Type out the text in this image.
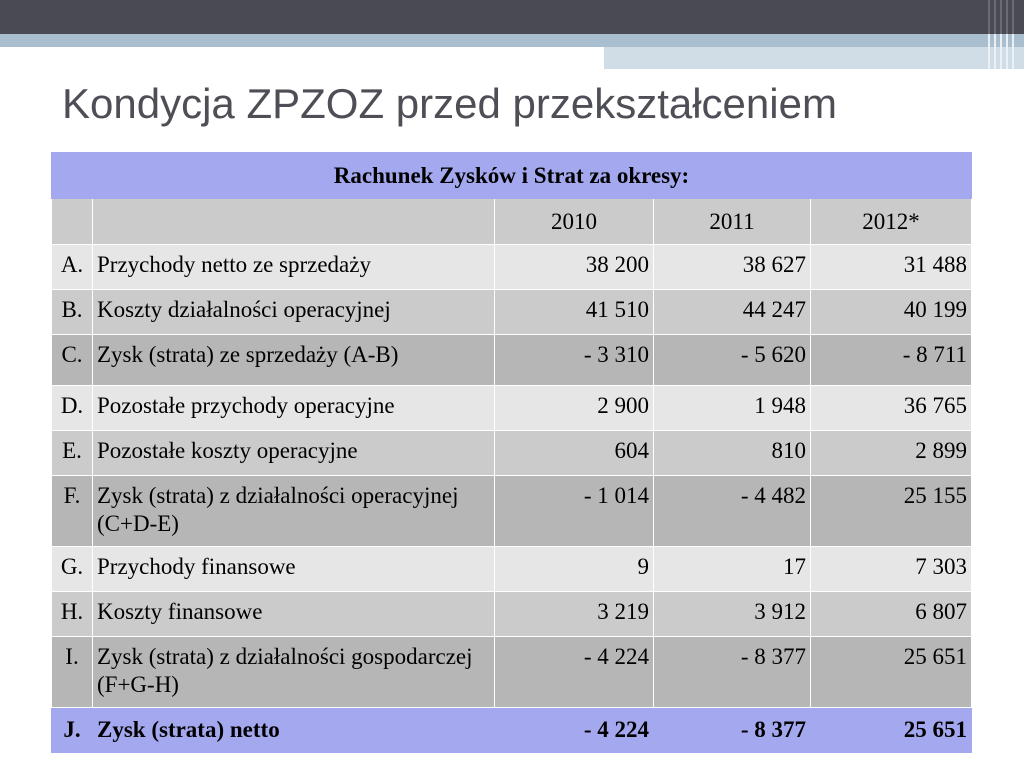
Kondycja ZPZOZ przed przekształceniem
Rachunek Zysków i Strat za okresy:				
		2010	2011	2012*
A.	Przychody netto ze sprzedaży	38 200	38 627	31 488
B.	Koszty działalności operacyjnej	41 510	44 247	40 199
C.	Zysk (strata) ze sprzedaży (A-B)	- 3 310	- 5 620	- 8 711
D.	Pozostałe przychody operacyjne	2 900	1 948	36 765
E.	Pozostałe koszty operacyjne	604	810	2 899
F.	Zysk (strata) z działalności operacyjnej (C+D-E)	- 1 014	- 4 482	25 155
G.	Przychody finansowe	9	17	7 303
H.	Koszty finansowe	3 219	3 912	6 807
I.	Zysk (strata) z działalności gospodarczej (F+G-H)	- 4 224	- 8 377	25 651
J.	Zysk (strata) netto	- 4 224	- 8 377	25 651
